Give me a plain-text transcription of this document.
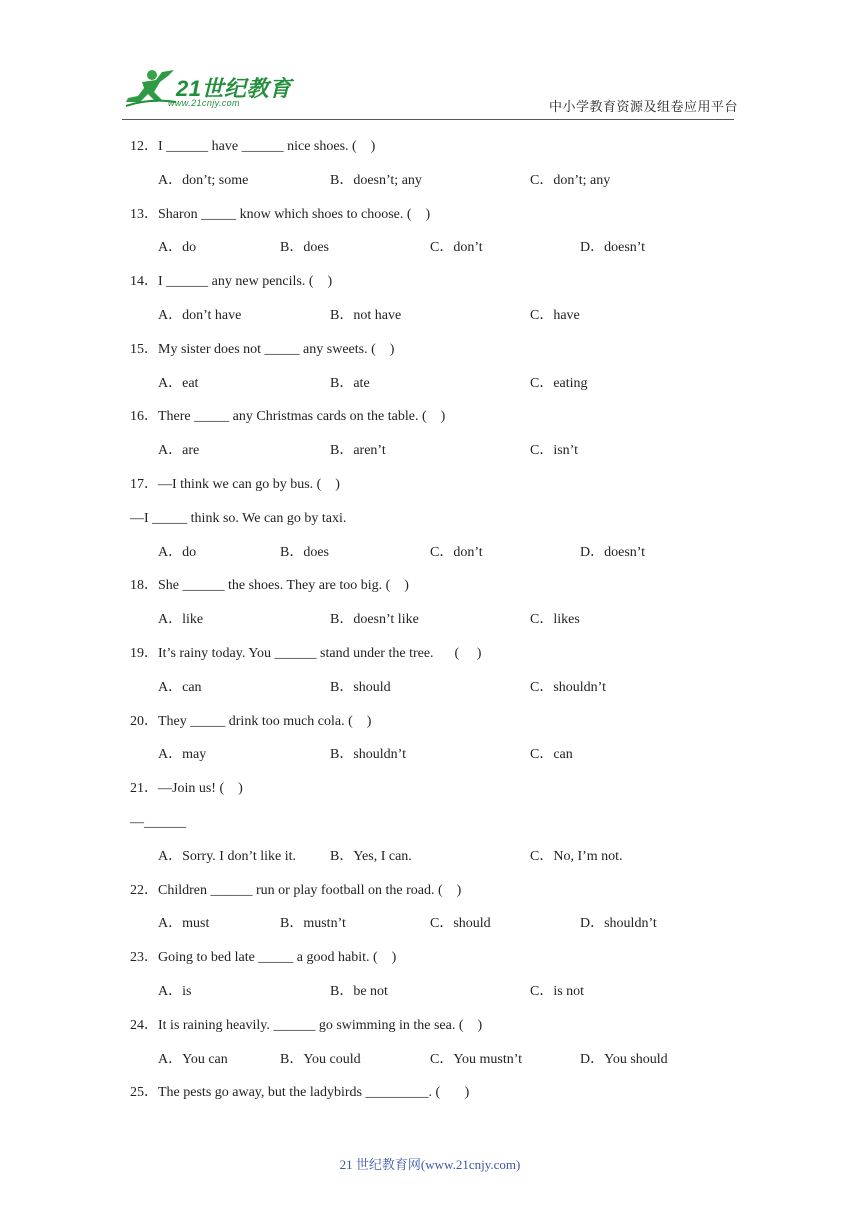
21世纪教育
www.21cnjy.com	中小学教育资源及组卷应用平台
12．I ______ have ______ nice shoes. (    )
A．don’t; some	B．doesn’t; any	C．don’t; any
13．Sharon _____ know which shoes to choose. (    )
A．do	B．does	C．don’t	D．doesn’t
14．I ______ any new pencils. (    )
A．don’t have	B．not have	C．have
15．My sister does not _____ any sweets. (    )
A．eat	B．ate	C．eating
16．There _____ any Christmas cards on the table. (    )
A．are	B．aren’t	C．isn’t
17．—I think we can go by bus. (    )
—I _____ think so. We can go by taxi.
A．do	B．does	C．don’t	D．doesn’t
18．She ______ the shoes. They are too big. (    )
A．like	B．doesn’t like	C．likes
19．It’s rainy today. You ______ stand under the tree.      (     )
A．can	B．should	C．shouldn’t
20．They _____ drink too much cola. (    )
A．may	B．shouldn’t	C．can
21．—Join us! (    )
—______
A．Sorry. I don’t like it. B．Yes, I can.	C．No, I’m not.
22．Children ______ run or play football on the road. (    )
A．must	B．mustn’t	C．should	D．shouldn’t
23．Going to bed late _____ a good habit. (    )
A．is	B．be not	C．is not
24．It is raining heavily. ______ go swimming in the sea. (    )
A．You can	B．You could	C．You mustn’t	D．You should
25．The pests go away, but the ladybirds _________. (       )
21 世纪教育网(www.21cnjy.com)
